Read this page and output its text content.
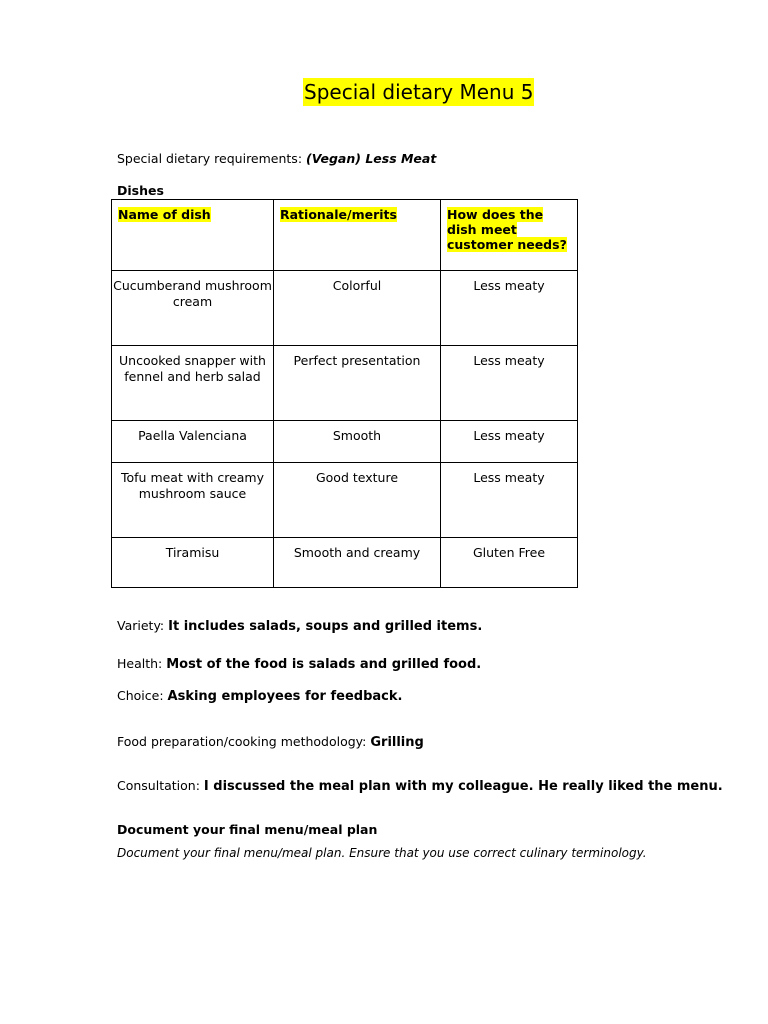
Special dietary Menu 5
Special dietary requirements: (Vegan) Less Meat
Dishes
Name of dish	Rationale/merits	How does the dish meet customer needs?
Cucumberand mushroom cream	Colorful	Less meaty
Uncooked snapper with fennel and herb salad	Perfect presentation	Less meaty
Paella Valenciana	Smooth	Less meaty
Tofu meat with creamy mushroom sauce	Good texture	Less meaty
Tiramisu	Smooth and creamy	Gluten Free
Variety: It includes salads, soups and grilled items.
Health: Most of the food is salads and grilled food.
Choice: Asking employees for feedback.
Food preparation/cooking methodology: Grilling
Consultation: I discussed the meal plan with my colleague. He really liked the menu.
Document your final menu/meal plan
Document your final menu/meal plan. Ensure that you use correct culinary terminology.
